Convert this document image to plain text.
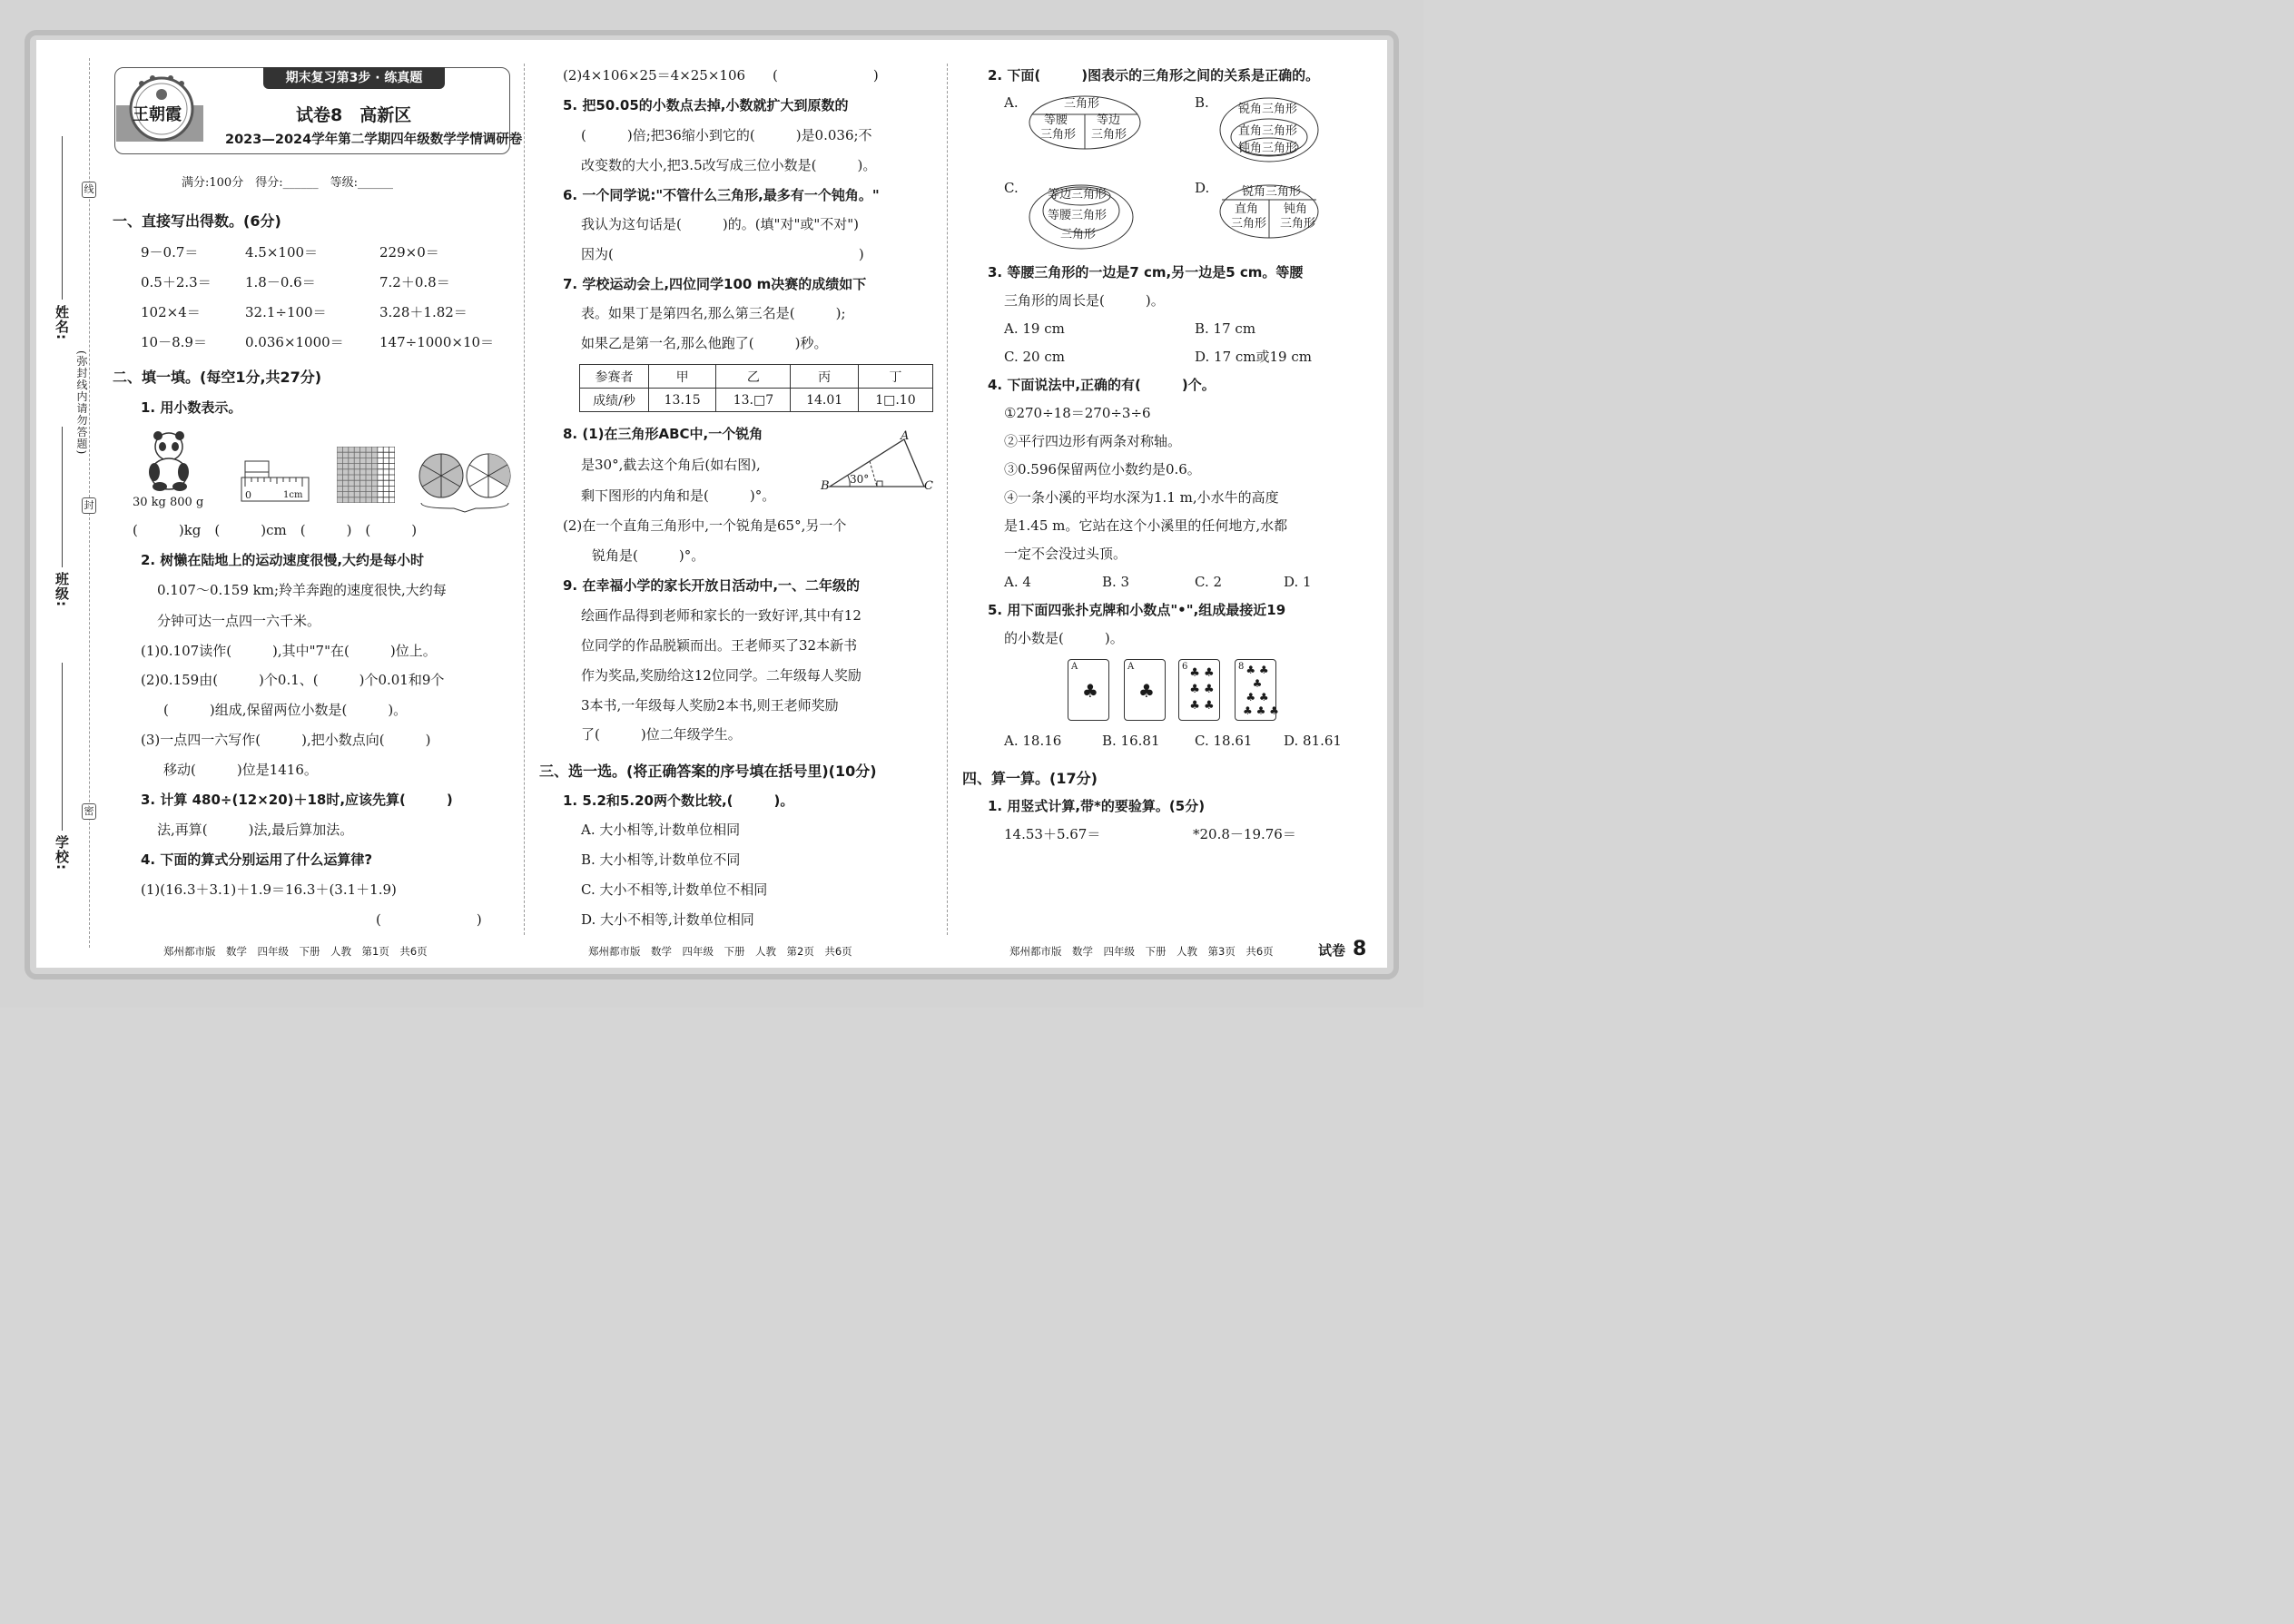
线
封
密
(弥封线内请勿答题)
姓名:
班级:
学校:
王朝霞
期末复习第3步 · 练真题
试卷8　高新区
2023—2024学年第二学期四年级数学学情调研卷
满分:100分　得分:______　等级:______
一、直接写出得数。(6分)
9－0.7＝	4.5×100＝	229×0＝
0.5＋2.3＝ 1.8－0.6＝	7.2＋0.8＝
102×4＝	32.1÷100＝	3.28＋1.82＝
10－8.9＝	0.036×1000＝	147÷1000×10＝
二、填一填。(每空1分,共27分)
1. 用小数表示。
30 kg 800 g
0	1cm
(　　　)kg　(　　　)cm　(　　　)　(　　　)
2. 树懒在陆地上的运动速度很慢,大约是每小时
0.107～0.159 km;羚羊奔跑的速度很快,大约每
分钟可达一点四一六千米。
(1)0.107读作(　　　),其中"7"在(　　　)位上。
(2)0.159由(　　　)个0.1、(　　　)个0.01和9个
(　　　)组成,保留两位小数是(　　　)。
(3)一点四一六写作(　　　),把小数点向(　　　)
移动(　　　)位是1416。
3. 计算 480÷(12×20)＋18时,应该先算(　　　)
法,再算(　　　)法,最后算加法。
4. 下面的算式分别运用了什么运算律?
(1)(16.3＋3.1)＋1.9＝16.3＋(3.1＋1.9)
(　　　　　　　)
(2)4×106×25＝4×25×106　　(　　　　　　　)
5. 把50.05的小数点去掉,小数就扩大到原数的
(　　　)倍;把36缩小到它的(　　　)是0.036;不
改变数的大小,把3.5改写成三位小数是(　　　)。
6. 一个同学说:"不管什么三角形,最多有一个钝角。"
我认为这句话是(　　　)的。(填"对"或"不对")
因为(　　　　　　　　　　　　　　　　　　)
7. 学校运动会上,四位同学100 m决赛的成绩如下
表。如果丁是第四名,那么第三名是(　　　);
如果乙是第一名,那么他跑了(　　　)秒。
参赛者	甲	乙	丙	丁
成绩/秒	13.15	13.□7	14.01	1□.10
8. (1)在三角形ABC中,一个锐角
是30°,截去这个角后(如右图),
剩下图形的内角和是(　　　)°。
A
B	C
30°
(2)在一个直角三角形中,一个锐角是65°,另一个
锐角是(　　　)°。
9. 在幸福小学的家长开放日活动中,一、二年级的
绘画作品得到老师和家长的一致好评,其中有12
位同学的作品脱颖而出。王老师买了32本新书
作为奖品,奖励给这12位同学。二年级每人奖励
3本书,一年级每人奖励2本书,则王老师奖励
了(　　　)位二年级学生。
三、选一选。(将正确答案的序号填在括号里)(10分)
1. 5.2和5.20两个数比较,(　　　)。
A. 大小相等,计数单位相同
B. 大小相等,计数单位不同
C. 大小不相等,计数单位不相同
D. 大小不相等,计数单位相同
2. 下面(　　　)图表示的三角形之间的关系是正确的。
A.	B.
C.	D.
三角形
等腰
三角形
等边
三角形
锐角三角形
直角三角形
钝角三角形
等边三角形
等腰三角形
三角形
锐角三角形
直角
三角形
钝角
三角形
3. 等腰三角形的一边是7 cm,另一边是5 cm。等腰
三角形的周长是(　　　)。
A. 19 cm	B. 17 cm
C. 20 cm	D. 17 cm或19 cm
4. 下面说法中,正确的有(　　　)个。
①270÷18＝270÷3÷6
②平行四边形有两条对称轴。
③0.596保留两位小数约是0.6。
④一条小溪的平均水深为1.1 m,小水牛的高度
是1.45 m。它站在这个小溪里的任何地方,水都
一定不会没过头顶。
A. 4	B. 3	C. 2	D. 1
5. 用下面四张扑克牌和小数点"•",组成最接近19
的小数是(　　　)。
A
♣
A
♣
6 ♣ ♣
♣ ♣
♣ ♣
8 ♣ ♣
♣
♣ ♣
♣ ♣ ♣
A. 18.16	B. 16.81	C. 18.61 D. 81.61
四、算一算。(17分)
1. 用竖式计算,带*的要验算。(5分)
14.53＋5.67＝	*20.8－19.76＝
郑州都市版　数学　四年级　下册　人教　第1页　共6页	郑州都市版　数学　四年级　下册　人教　第2页　共6页	郑州都市版　数学　四年级　下册　人教　第3页　共6页	试卷 8
